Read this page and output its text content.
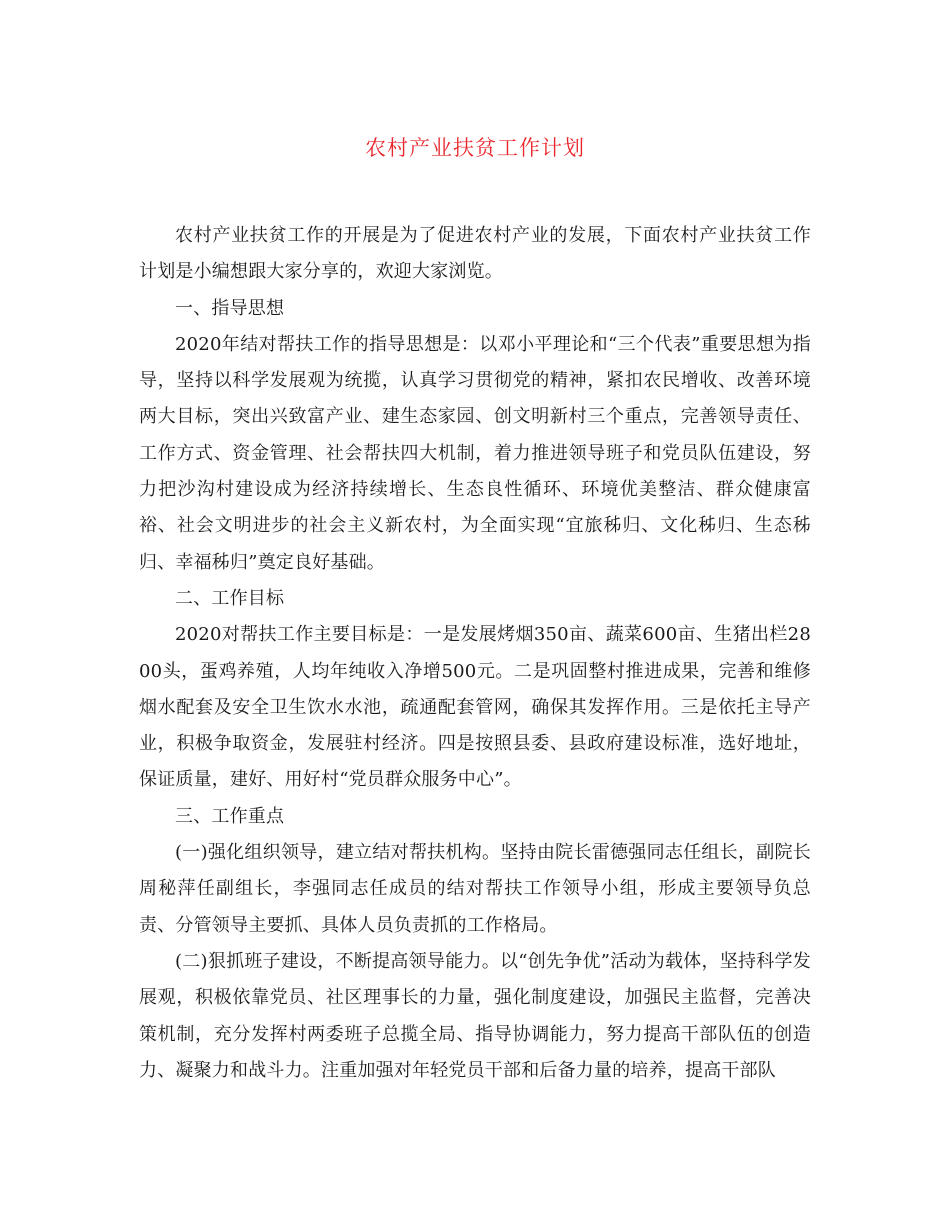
农村产业扶贫工作计划

农村产业扶贫工作的开展是为了促进农村产业的发展，下面农村产业扶贫工作计划是小编想跟大家分享的，欢迎大家浏览。

一、指导思想

2020年结对帮扶工作的指导思想是：以邓小平理论和“三个代表”重要思想为指导，坚持以科学发展观为统揽，认真学习贯彻党的精神，紧扣农民增收、改善环境两大目标，突出兴致富产业、建生态家园、创文明新村三个重点，完善领导责任、工作方式、资金管理、社会帮扶四大机制，着力推进领导班子和党员队伍建设，努力把沙沟村建设成为经济持续增长、生态良性循环、环境优美整洁、群众健康富裕、社会文明进步的社会主义新农村，为全面实现“宜旅秭归、文化秭归、生态秭归、幸福秭归”奠定良好基础。

二、工作目标

2020对帮扶工作主要目标是：一是发展烤烟350亩、蔬菜600亩、生猪出栏2800头，蛋鸡养殖，人均年纯收入净增500元。二是巩固整村推进成果，完善和维修烟水配套及安全卫生饮水水池，疏通配套管网，确保其发挥作用。三是依托主导产业，积极争取资金，发展驻村经济。四是按照县委、县政府建设标准，选好地址，保证质量，建好、用好村“党员群众服务中心”。

三、工作重点

(一)强化组织领导，建立结对帮扶机构。坚持由院长雷德强同志任组长，副院长周秘萍任副组长，李强同志任成员的结对帮扶工作领导小组，形成主要领导负总责、分管领导主要抓、具体人员负责抓的工作格局。

(二)狠抓班子建设，不断提高领导能力。以“创先争优”活动为载体，坚持科学发展观，积极依靠党员、社区理事长的力量，强化制度建设，加强民主监督，完善决策机制，充分发挥村两委班子总揽全局、指导协调能力，努力提高干部队伍的创造力、凝聚力和战斗力。注重加强对年轻党员干部和后备力量的培养，提高干部队
